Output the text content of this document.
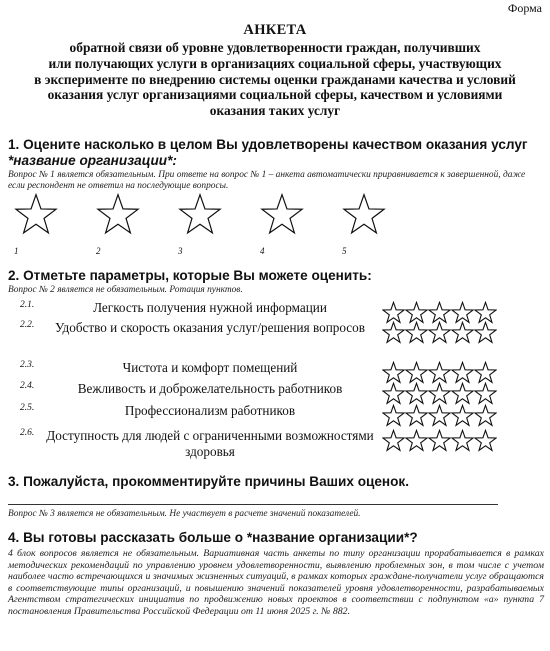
Форма
АНКЕТА
обратной связи об уровне удовлетворенности граждан, получивших
или получающих услуги в организациях социальной сферы, участвующих
в эксперименте по внедрению системы оценки гражданами качества и условий
оказания услуг организациями социальной сферы, качеством и условиями
оказания таких услуг
1. Оцените насколько в целом Вы удовлетворены качеством оказания услуг
*название организации*:
Вопрос № 1 является обязательным. При ответе на вопрос № 1 – анкета автоматически приравнивается к завершенной, даже если респондент не ответил на последующие вопросы.
1	2	3	4	5
2. Отметьте параметры, которые Вы можете оценить:
Вопрос № 2 является не обязательным. Ротация пунктов.
2.1.	Легкость получения нужной информации
2.2.	Удобство и скорость оказания услуг/решения вопросов
2.3.	Чистота и комфорт помещений
2.4.	Вежливость и доброжелательность работников
2.5.	Профессионализм работников
2.6. Доступность для людей с ограниченными возможностями здоровья
3. Пожалуйста, прокомментируйте причины Ваших оценок.
Вопрос № 3 является не обязательным. Не участвует в расчете значений показателей.
4. Вы готовы рассказать больше о *название организации*?
4 блок вопросов является не обязательным. Вариативная часть анкеты по типу организации прорабатывается в рамках методических рекомендаций по управлению уровнем удовлетворенности, выявлению проблемных зон, в том числе с учетом наиболее часто встречающихся и значимых жизненных ситуаций, в рамках которых граждане-получатели услуг обращаются в соответствующие типы организаций, и повышению значений показателей уровня удовлетворенности, разрабатываемых Агентством стратегических инициатив по продвижению новых проектов в соответствии с подпунктом «а» пункта 7 постановления Правительства Российской Федерации от 11 июня 2025 г. № 882.
